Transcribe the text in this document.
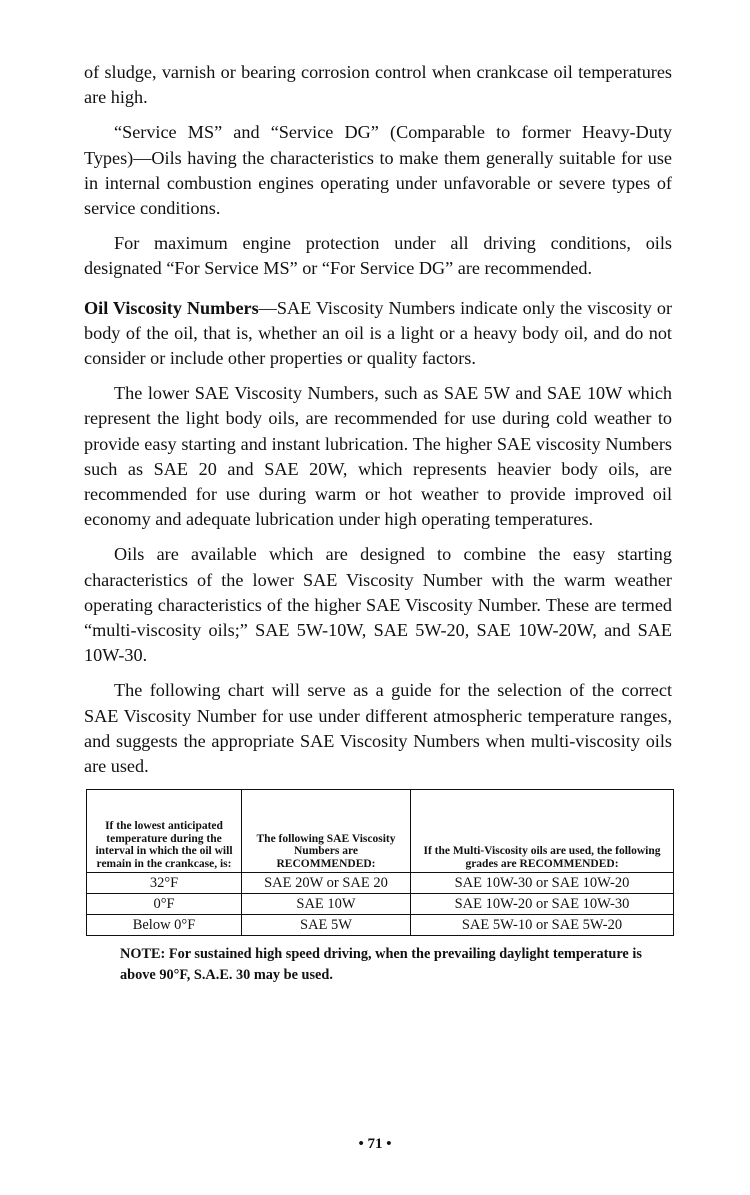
of sludge, varnish or bearing corrosion control when crankcase oil temperatures are high.

“Service MS” and “Service DG” (Comparable to former Heavy-Duty Types)—Oils having the characteristics to make them generally suitable for use in internal combustion engines operating under unfavorable or severe types of service conditions.

For maximum engine protection under all driving conditions, oils designated “For Service MS” or “For Service DG” are recommended.

Oil Viscosity Numbers—SAE Viscosity Numbers indicate only the viscosity or body of the oil, that is, whether an oil is a light or a heavy body oil, and do not consider or include other properties or quality factors.

The lower SAE Viscosity Numbers, such as SAE 5W and SAE 10W which represent the light body oils, are recommended for use during cold weather to provide easy starting and instant lubrication. The higher SAE viscosity Numbers such as SAE 20 and SAE 20W, which represents heavier body oils, are recommended for use during warm or hot weather to provide improved oil economy and adequate lubrication under high operating temperatures.

Oils are available which are designed to combine the easy starting characteristics of the lower SAE Viscosity Number with the warm weather operating characteristics of the higher SAE Viscosity Number. These are termed “multi-viscosity oils;” SAE 5W-10W, SAE 5W-20, SAE 10W-20W, and SAE 10W-30.

The following chart will serve as a guide for the selection of the correct SAE Viscosity Number for use under different atmospheric temperature ranges, and suggests the appropriate SAE Viscosity Numbers when multi-viscosity oils are used.

If the lowest anticipated temperature during the interval in which the oil will remain in the crankcase, is:	The following SAE Viscosity Numbers are RECOMMENDED:	If the Multi-Viscosity oils are used, the following grades are RECOMMENDED:
32°F	SAE 20W or SAE 20	SAE 10W-30 or SAE 10W-20
0°F	SAE 10W	SAE 10W-20 or SAE 10W-30
Below 0°F	SAE 5W	SAE 5W-10 or SAE 5W-20
NOTE: For sustained high speed driving, when the prevailing daylight temperature is above 90°F, S.A.E. 30 may be used.
• 71 •
